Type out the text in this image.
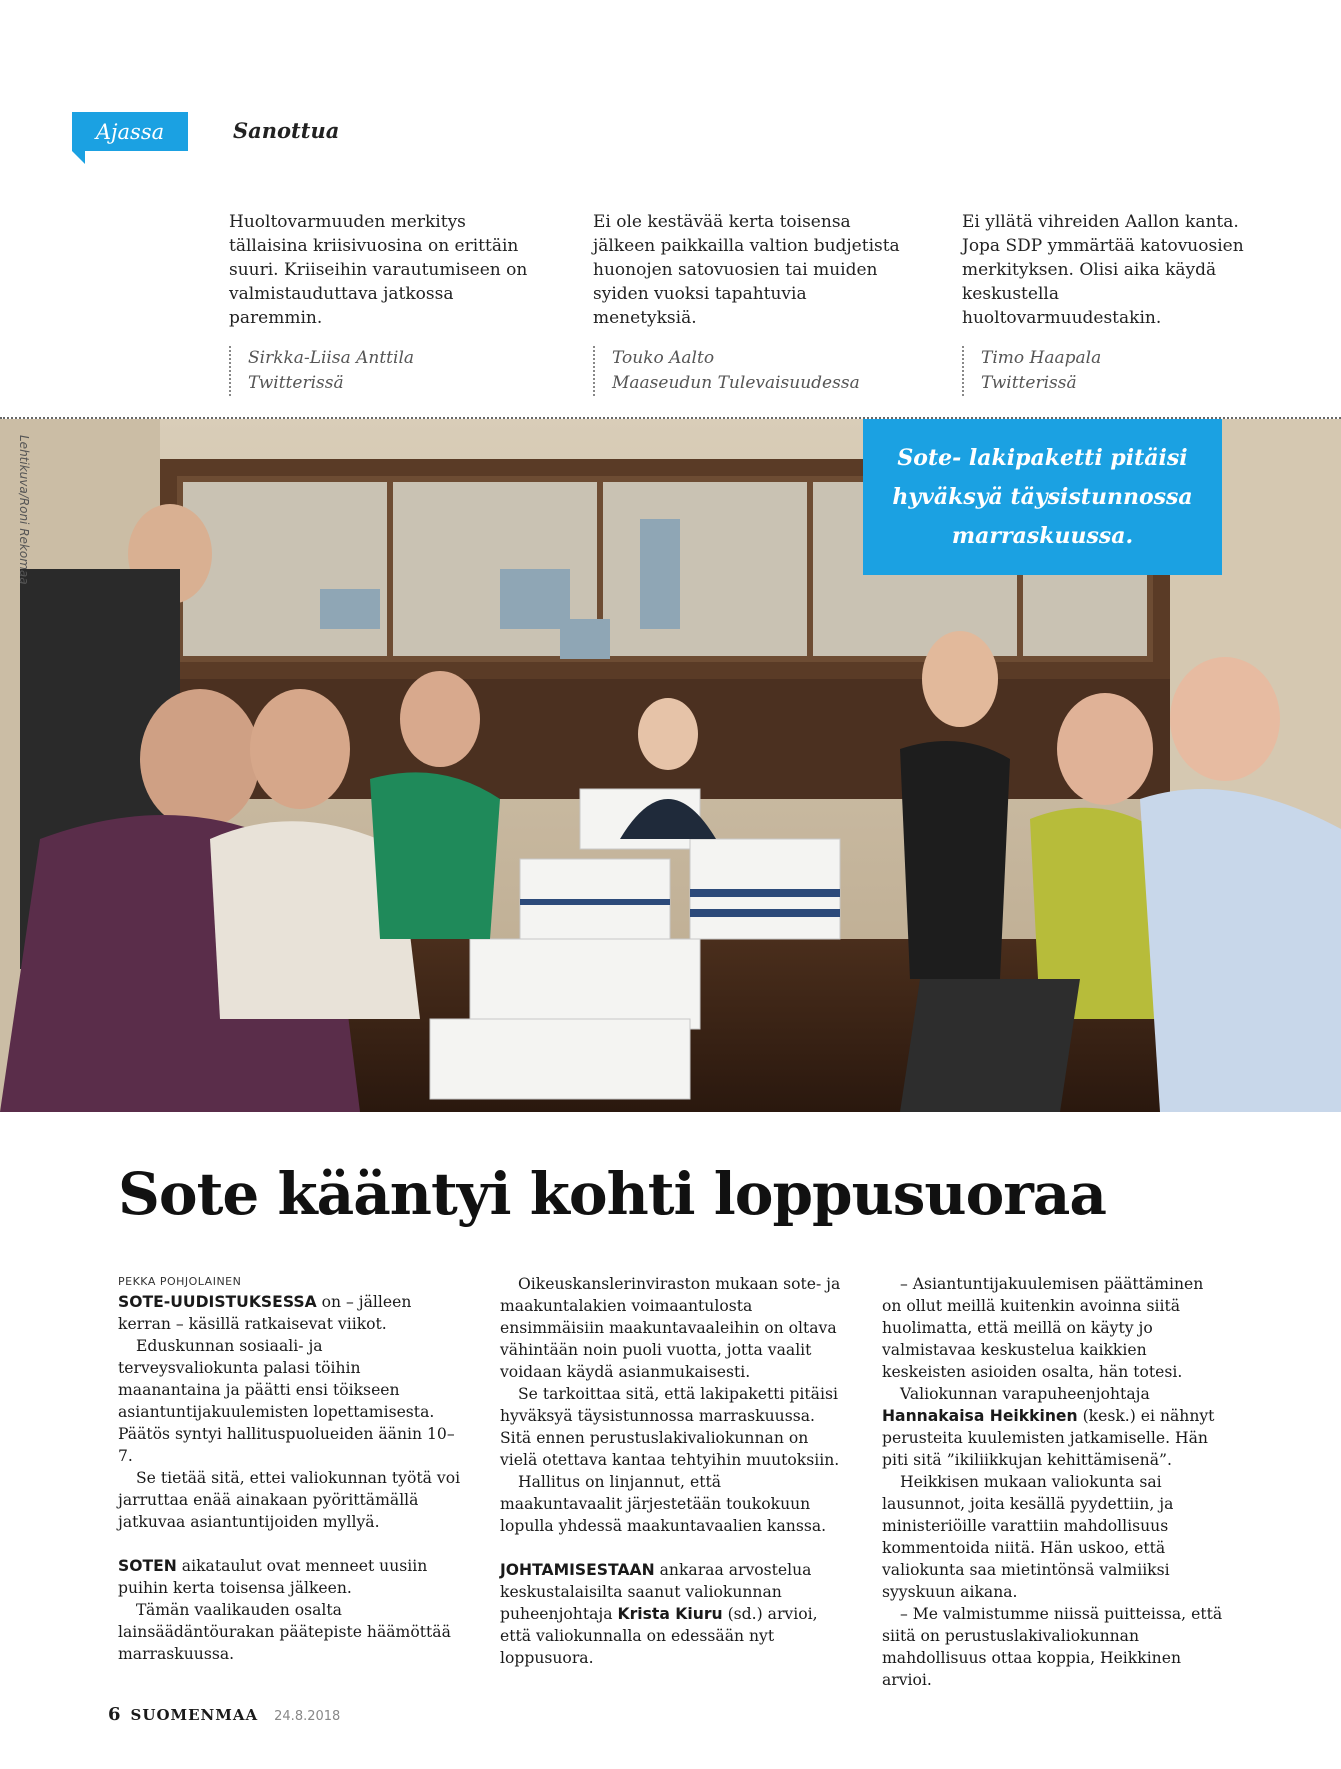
Ajassa	Sanottua
Huoltovarmuuden merkitys tällaisina kriisivuosina on erittäin suuri. Kriiseihin varautumiseen on valmistauduttava jatkossa paremmin.
Sirkka-Liisa Anttila
Twitterissä
Ei ole kestävää kerta toisensa jälkeen paikkailla valtion budjetista huonojen satovuosien tai muiden syiden vuoksi tapahtuvia menetyksiä.
Touko Aalto
Maaseudun Tulevaisuudessa
Ei yllätä vihreiden Aallon kanta. Jopa SDP ymmärtää katovuosien merkityksen. Olisi aika käydä keskustella huoltovarmuudestakin.
Timo Haapala
Twitterissä
Lehtikuva/Roni Rekomaa	Sote- lakipaketti pitäisi hyväksyä täysistunnossa marraskuussa.
Sote kääntyi kohti loppusuoraa
PEKKA POHJOLAINEN

SOTE-UUDISTUKSESSA on – jälleen kerran – käsillä ratkaisevat viikot.

Eduskunnan sosiaali- ja terveysvaliokunta palasi töihin maanantaina ja päätti ensi töikseen asiantuntijakuulemisten lopettamisesta. Päätös syntyi hallituspuolueiden äänin 10–7.

Se tietää sitä, ettei valiokunnan työtä voi jarruttaa enää ainakaan pyörittämällä jatkuvaa asiantuntijoiden myllyä.

SOTEN aikataulut ovat menneet uusiin puihin kerta toisensa jälkeen.

Tämän vaalikauden osalta lainsäädäntöurakan päätepiste häämöttää marraskuussa.

Oikeuskanslerinviraston mukaan sote- ja maakuntalakien voimaantulosta ensimmäisiin maakuntavaaleihin on oltava vähintään noin puoli vuotta, jotta vaalit voidaan käydä asianmukaisesti.

Se tarkoittaa sitä, että lakipaketti pitäisi hyväksyä täysistunnossa marraskuussa. Sitä ennen perustuslakivaliokunnan on vielä otettava kantaa tehtyihin muutoksiin.

Hallitus on linjannut, että maakuntavaalit järjestetään toukokuun lopulla yhdessä maakuntavaalien kanssa.

JOHTAMISESTAAN ankaraa arvostelua keskustalaisilta saanut valiokunnan puheenjohtaja Krista Kiuru (sd.) arvioi, että valiokunnalla on edessään nyt loppusuora.

– Asiantuntijakuulemisen päättäminen on ollut meillä kuitenkin avoinna siitä huolimatta, että meillä on käyty jo valmistavaa keskustelua kaikkien keskeisten asioiden osalta, hän totesi.

Valiokunnan varapuheenjohtaja Hannakaisa Heikkinen (kesk.) ei nähnyt perusteita kuulemisten jatkamiselle. Hän piti sitä ”ikiliikkujan kehittämisenä”.

Heikkisen mukaan valiokunta sai lausunnot, joita kesällä pyydettiin, ja ministeriöille varattiin mahdollisuus kommentoida niitä. Hän uskoo, että valiokunta saa mietintönsä valmiiksi syyskuun aikana.

– Me valmistumme niissä puitteissa, että siitä on perustuslakivaliokunnan mahdollisuus ottaa koppia, Heikkinen arvioi.

6 SUOMENMAA 24.8.2018
